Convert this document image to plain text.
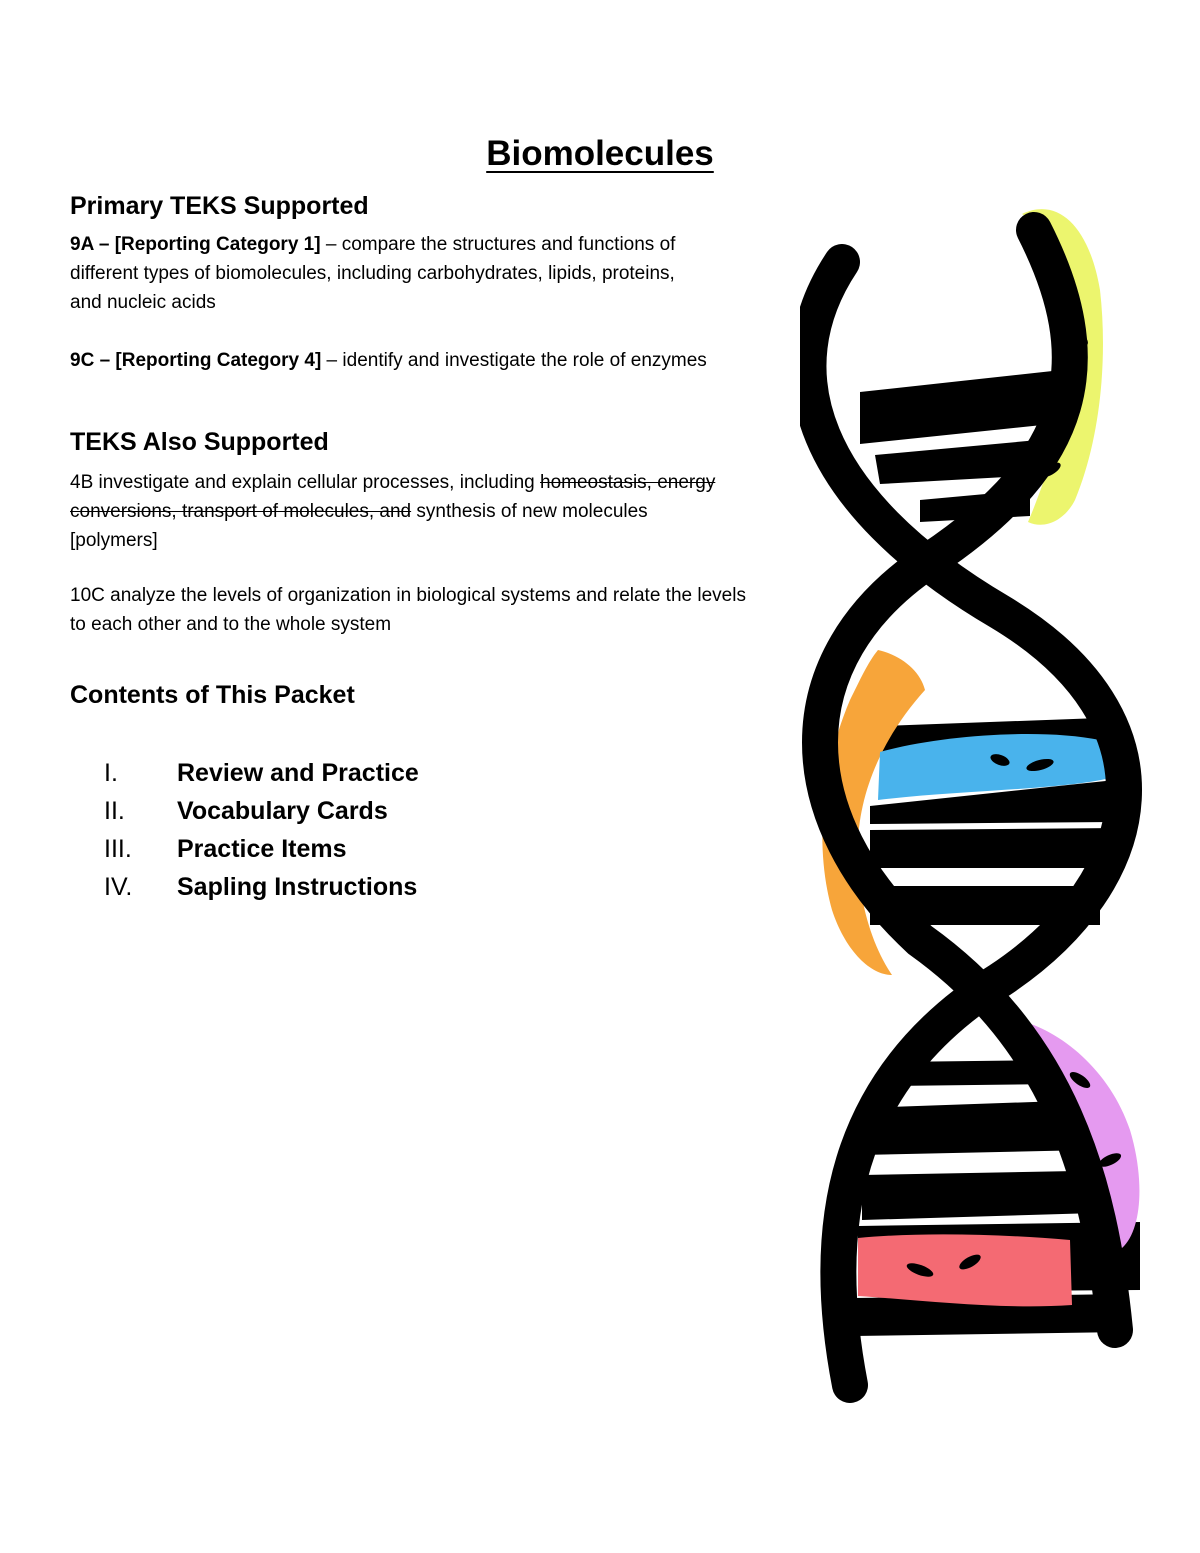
Biomolecules
Primary TEKS Supported

9A – [Reporting Category 1] – compare the structures and functions of
different types of biomolecules, including carbohydrates, lipids, proteins,
and nucleic acids

9C – [Reporting Category 4] – identify and investigate the role of enzymes

TEKS Also Supported

4B investigate and explain cellular processes, including homeostasis, energy
conversions, transport of molecules, and synthesis of new molecules
[polymers]

10C analyze the levels of organization in biological systems and relate the levels
to each other and to the whole system

Contents of This Packet
I.	Review and Practice
II.	Vocabulary Cards
III.	Practice Items
IV.	Sapling Instructions
